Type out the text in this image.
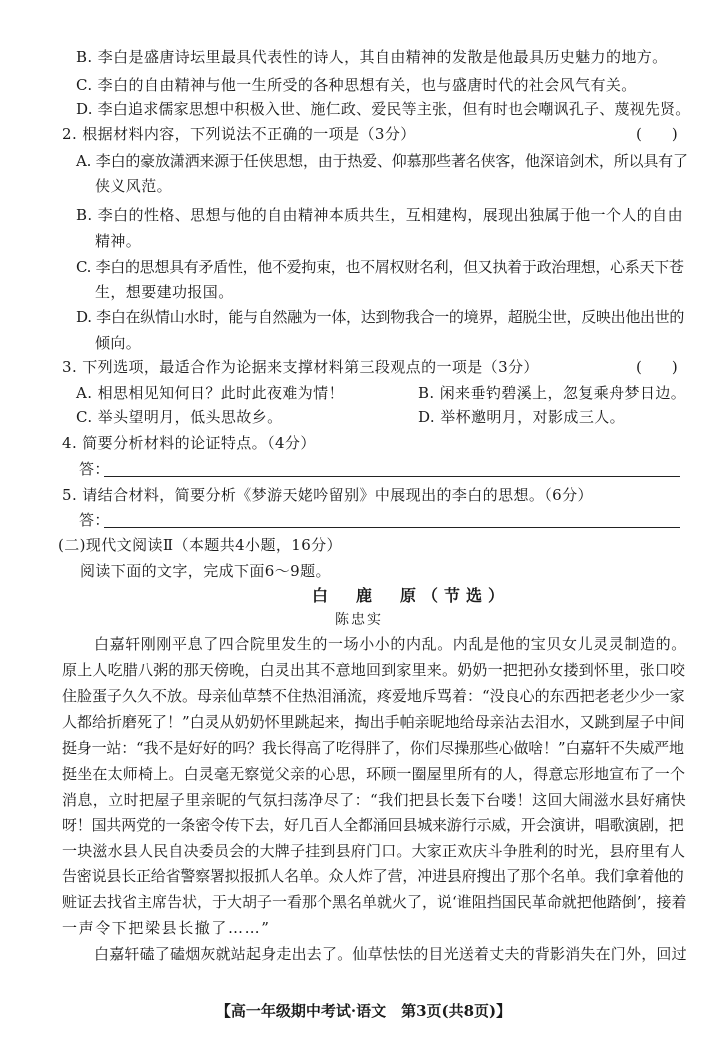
B. 李白是盛唐诗坛里最具代表性的诗人，其自由精神的发散是他最具历史魅力的地方。
C. 李白的自由精神与他一生所受的各种思想有关，也与盛唐时代的社会风气有关。
D. 李白追求儒家思想中积极入世、施仁政、爱民等主张，但有时也会嘲讽孔子、蔑视先贤。
2. 根据材料内容，下列说法不正确的一项是（3分）	(　　)
A. 李白的豪放潇洒来源于任侠思想，由于热爱、仰慕那些著名侠客，他深谙剑术，所以具有了
侠义风范。
B. 李白的性格、思想与他的自由精神本质共生，互相建构，展现出独属于他一个人的自由
精神。
C. 李白的思想具有矛盾性，他不爱拘束，也不屑权财名利，但又执着于政治理想，心系天下苍
生，想要建功报国。
D. 李白在纵情山水时，能与自然融为一体，达到物我合一的境界，超脱尘世，反映出他出世的
倾向。
3. 下列选项，最适合作为论据来支撑材料第三段观点的一项是（3分）	(　　)
A. 相思相见知何日？此时此夜难为情！	B. 闲来垂钓碧溪上，忽复乘舟梦日边。
C. 举头望明月，低头思故乡。	D. 举杯邀明月，对影成三人。
4. 简要分析材料的论证特点。（4分）
答：
5. 请结合材料，简要分析《梦游天姥吟留别》中展现出的李白的思想。（6分）
答：
(二)现代文阅读Ⅱ（本题共4小题，16分）
阅读下面的文字，完成下面6～9题。
白　鹿　原（节选）
陈忠实
白嘉轩刚刚平息了四合院里发生的一场小小的内乱。内乱是他的宝贝女儿灵灵制造的。
原上人吃腊八粥的那天傍晚，白灵出其不意地回到家里来。奶奶一把把孙女搂到怀里，张口咬
住脸蛋子久久不放。母亲仙草禁不住热泪涌流，疼爱地斥骂着：“没良心的东西把老老少少一家
人都给折磨死了！”白灵从奶奶怀里跳起来，掏出手帕亲昵地给母亲沾去泪水，又跳到屋子中间
挺身一站：“我不是好好的吗？我长得高了吃得胖了，你们尽操那些心做啥！”白嘉轩不失威严地
挺坐在太师椅上。白灵毫无察觉父亲的心思，环顾一圈屋里所有的人，得意忘形地宣布了一个
消息，立时把屋子里亲昵的气氛扫荡净尽了：“我们把县长轰下台喽！这回大闹滋水县好痛快
呀！国共两党的一条密令传下去，好几百人全都涌回县城来游行示威，开会演讲，唱歌演剧，把
一块滋水县人民自决委员会的大牌子挂到县府门口。大家正欢庆斗争胜利的时光，县府里有人
告密说县长正给省警察署拟报抓人名单。众人炸了营，冲进县府搜出了那个名单。我们拿着他的
赃证去找省主席告状，于大胡子一看那个黑名单就火了，说‘谁阻挡国民革命就把他踏倒’，接着
一声令下把梁县长撤了……”
白嘉轩磕了磕烟灰就站起身走出去了。仙草怯怯的目光送着丈夫的背影消失在门外，回过
【高一年级期中考试·语文　第3页(共8页)】
